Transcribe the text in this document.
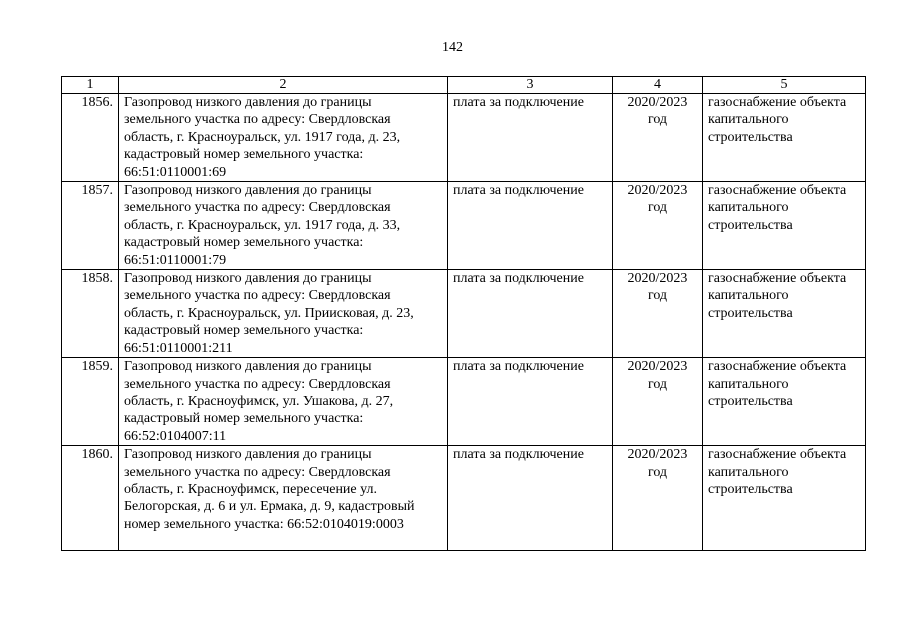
142
1	2	3	4	5
1856.	Газопровод низкого давления до границы земельного участка по адресу: Свердловская область, г. Красноуральск, ул. 1917 года, д. 23, кадастровый номер земельного участка: 66:51:0110001:69	плата за подключение	2020/2023 год	газоснабжение объекта капитального строительства
1857.	Газопровод низкого давления до границы земельного участка по адресу: Свердловская область, г. Красноуральск, ул. 1917 года, д. 33, кадастровый номер земельного участка: 66:51:0110001:79	плата за подключение	2020/2023 год	газоснабжение объекта капитального строительства
1858.	Газопровод низкого давления до границы земельного участка по адресу: Свердловская область, г. Красноуральск, ул. Приисковая, д. 23, кадастровый номер земельного участка: 66:51:0110001:211	плата за подключение	2020/2023 год	газоснабжение объекта капитального строительства
1859.	Газопровод низкого давления до границы земельного участка по адресу: Свердловская область, г. Красноуфимск, ул. Ушакова, д. 27, кадастровый номер земельного участка: 66:52:0104007:11	плата за подключение	2020/2023 год	газоснабжение объекта капитального строительства
1860.	Газопровод низкого давления до границы земельного участка по адресу: Свердловская область, г. Красноуфимск, пересечение ул. Белогорская, д. 6 и ул. Ермака, д. 9, кадастровый номер земельного участка: 66:52:0104019:0003	плата за подключение	2020/2023 год	газоснабжение объекта капитального строительства
